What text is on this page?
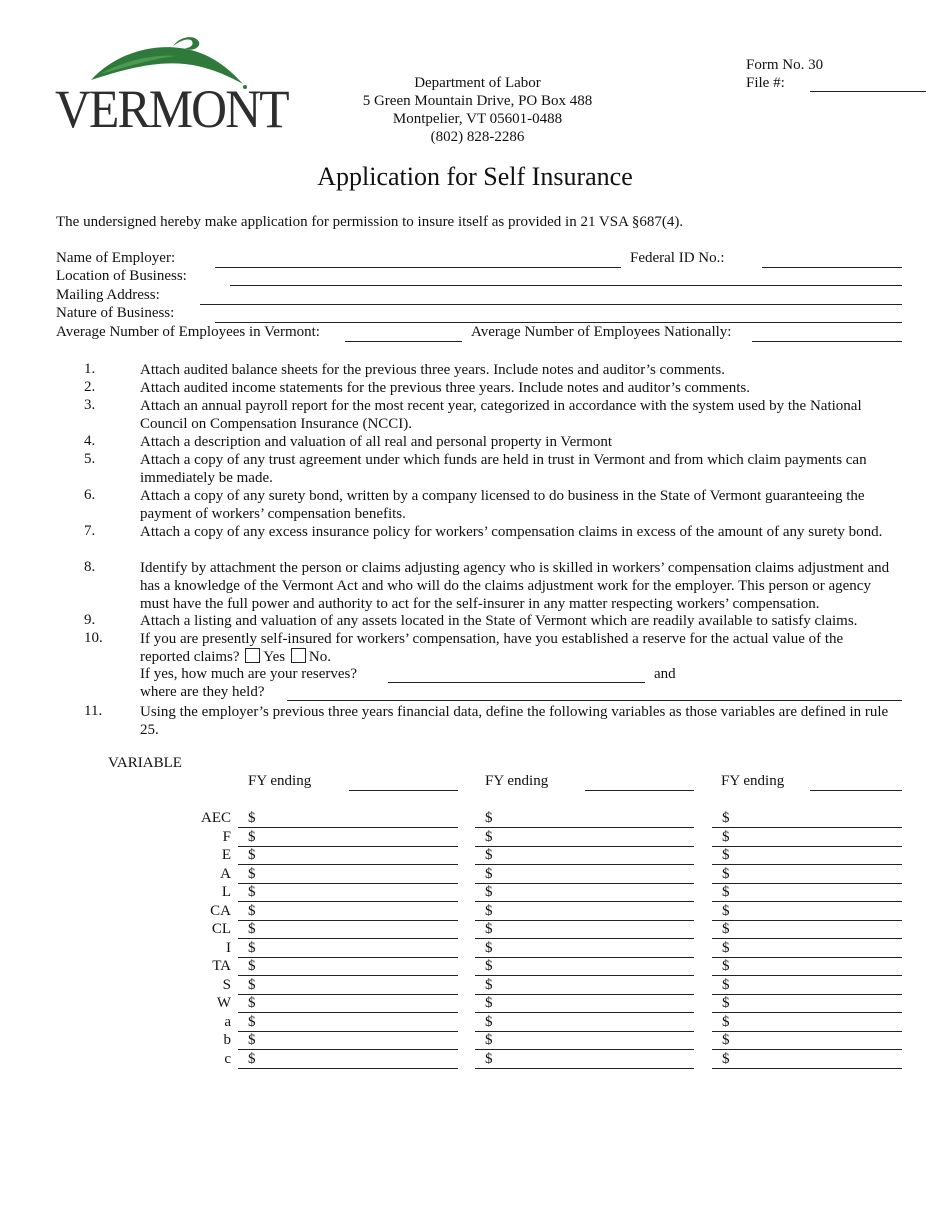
VERMONT
Form No. 30
File #:
Department of Labor
5 Green Mountain Drive, PO Box 488
Montpelier, VT 05601-0488
(802) 828-2286
Application for Self Insurance
The undersigned hereby make application for permission to insure itself as provided in 21 VSA §687(4).
Name of Employer:	Federal ID No.:
Location of Business:
Mailing Address:
Nature of Business:
Average Number of Employees in Vermont:	Average Number of Employees Nationally:
1.	Attach audited balance sheets for the previous three years. Include notes and auditor’s comments.
2.	Attach audited income statements for the previous three years. Include notes and auditor’s comments.
3.	Attach an annual payroll report for the most recent year, categorized in accordance with the system used by the National Council on Compensation Insurance (NCCI).
4.	Attach a description and valuation of all real and personal property in Vermont
5.	Attach a copy of any trust agreement under which funds are held in trust in Vermont and from which claim payments can immediately be made.
6.	Attach a copy of any surety bond, written by a company licensed to do business in the State of Vermont guaranteeing the payment of workers’ compensation benefits.
7.	Attach a copy of any excess insurance policy for workers’ compensation claims in excess of the amount of any surety bond.
8.	Identify by attachment the person or claims adjusting agency who is skilled in workers’ compensation claims adjustment and has a knowledge of the Vermont Act and who will do the claims adjustment work for the employer. This person or agency must have the full power and authority to act for the self-insurer in any matter respecting workers’ compensation.
9.	Attach a listing and valuation of any assets located in the State of Vermont which are readily available to satisfy claims.
10. If you are presently self-insured for workers’ compensation, have you established a reserve for the actual value of the
reported claims? Yes No.
If yes, how much are your reserves?	and
where are they held?
11.	Using the employer’s previous three years financial data, define the following variables as those variables are defined in rule 25.
VARIABLE
FY ending	FY ending	FY ending
AEC $	$	$
F $	$	$
E $	$	$
A $	$	$
L $	$	$
CA $	$	$
CL $	$	$
I $	$	$
TA $	$	$
S $	$	$
W $	$	$
a $	$	$
b $	$	$
c $	$	$
